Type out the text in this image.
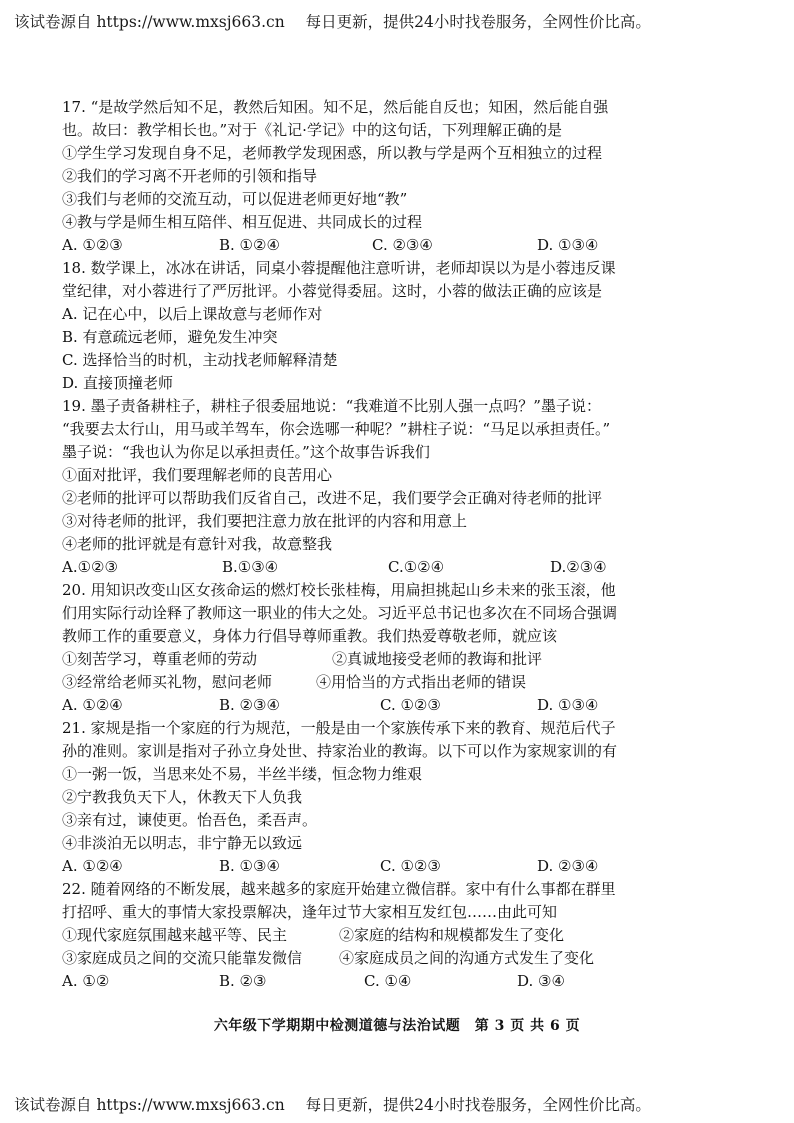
该试卷源自 https://www.mxsj663.cn 每日更新，提供24小时找卷服务，全网性价比高。
17. “是故学然后知不足，教然后知困。知不足，然后能自反也；知困，然后能自强
也。故曰：教学相长也。”对于《礼记·学记》中的这句话，下列理解正确的是
①学生学习发现自身不足，老师教学发现困惑，所以教与学是两个互相独立的过程
②我们的学习离不开老师的引领和指导
③我们与老师的交流互动，可以促进老师更好地“教”
④教与学是师生相互陪伴、相互促进、共同成长的过程
A. ①②③	B. ①②④	C. ②③④	D. ①③④
18. 数学课上，冰冰在讲话，同桌小蓉提醒他注意听讲，老师却误以为是小蓉违反课
堂纪律，对小蓉进行了严厉批评。小蓉觉得委屈。这时，小蓉的做法正确的应该是
A. 记在心中，以后上课故意与老师作对
B. 有意疏远老师，避免发生冲突
C. 选择恰当的时机，主动找老师解释清楚
D. 直接顶撞老师
19. 墨子责备耕柱子，耕柱子很委屈地说：“我难道不比别人强一点吗？”墨子说：
“我要去太行山，用马或羊驾车，你会选哪一种呢？”耕柱子说：“马足以承担责任。”
墨子说：“我也认为你足以承担责任。”这个故事告诉我们
①面对批评，我们要理解老师的良苦用心
②老师的批评可以帮助我们反省自己，改进不足，我们要学会正确对待老师的批评
③对待老师的批评，我们要把注意力放在批评的内容和用意上
④老师的批评就是有意针对我，故意整我
A.①②③	B.①③④	C.①②④	D.②③④
20. 用知识改变山区女孩命运的燃灯校长张桂梅，用扁担挑起山乡未来的张玉滚，他
们用实际行动诠释了教师这一职业的伟大之处。习近平总书记也多次在不同场合强调
教师工作的重要意义，身体力行倡导尊师重教。我们热爱尊敬老师，就应该
①刻苦学习，尊重老师的劳动	②真诚地接受老师的教诲和批评
③经常给老师买礼物，慰问老师	④用恰当的方式指出老师的错误
A. ①②④	B. ②③④	C. ①②③	D. ①③④
21. 家规是指一个家庭的行为规范，一般是由一个家族传承下来的教育、规范后代子
孙的准则。家训是指对子孙立身处世、持家治业的教诲。以下可以作为家规家训的有
①一粥一饭，当思来处不易，半丝半缕，恒念物力维艰
②宁教我负天下人，休教天下人负我
③亲有过，谏使更。怡吾色，柔吾声。
④非淡泊无以明志，非宁静无以致远
A. ①②④	B. ①③④	C. ①②③	D. ②③④
22. 随着网络的不断发展，越来越多的家庭开始建立微信群。家中有什么事都在群里
打招呼、重大的事情大家投票解决，逢年过节大家相互发红包……由此可知
①现代家庭氛围越来越平等、民主	②家庭的结构和规模都发生了变化
③家庭成员之间的交流只能靠发微信 ④家庭成员之间的沟通方式发生了变化
A. ①②	B. ②③	C. ①④	D. ③④
六年级下学期期中检测道德与法治试题　第 3 页 共 6 页
该试卷源自 https://www.mxsj663.cn 每日更新，提供24小时找卷服务，全网性价比高。
